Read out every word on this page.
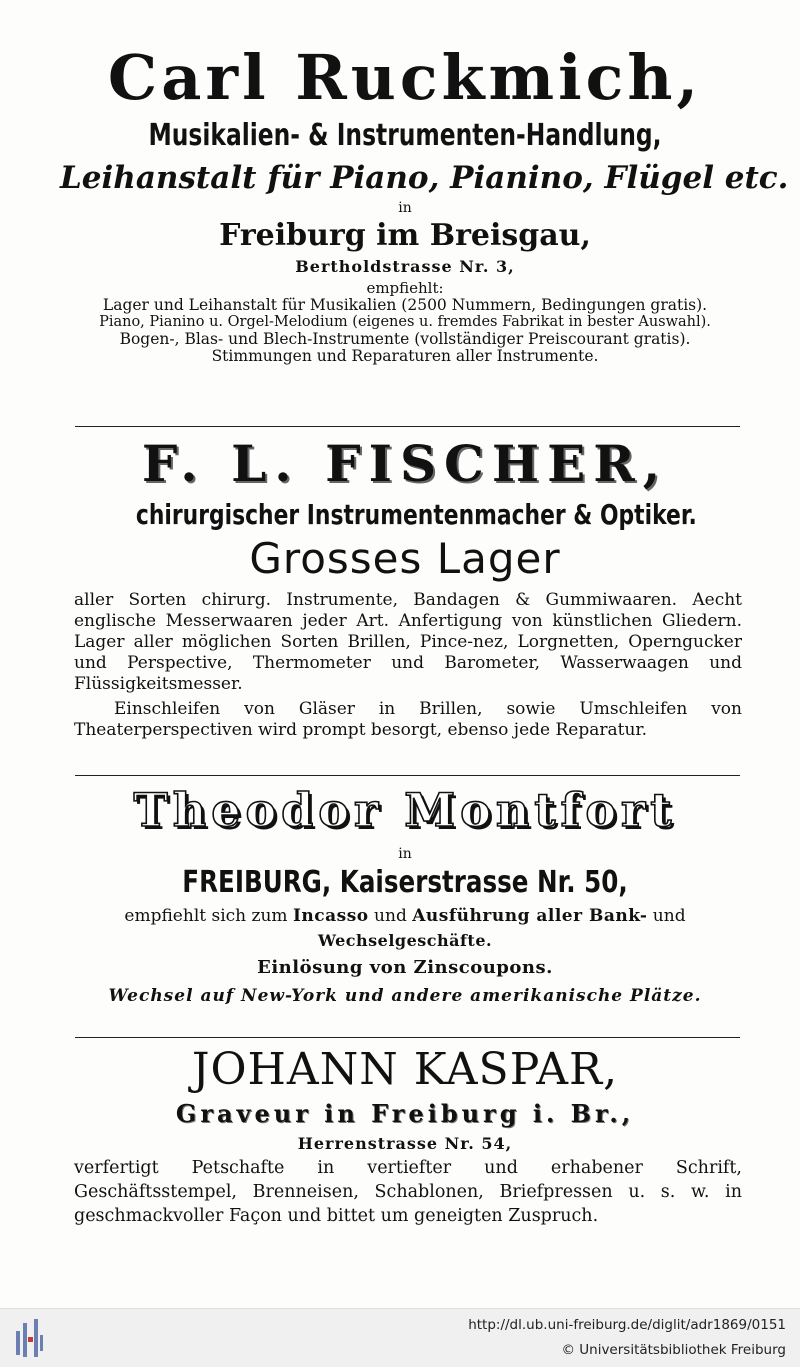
Carl Ruckmich,

Musikalien- & Instrumenten-Handlung,

Leihanstalt für Piano, Pianino, Flügel etc.

in

Freiburg im Breisgau,

Bertholdstrasse Nr. 3,

empfiehlt:

Lager und Leihanstalt für Musikalien (2500 Nummern, Bedingungen gratis).

Piano, Pianino u. Orgel-Melodium (eigenes u. fremdes Fabrikat in bester Auswahl).

Bogen-, Blas- und Blech-Instrumente (vollständiger Preiscourant gratis).

Stimmungen und Reparaturen aller Instrumente.

F. L. FISCHER,

chirurgischer Instrumentenmacher & Optiker.

Grosses Lager

aller Sorten chirurg. Instrumente, Bandagen & Gummiwaaren. Aecht englische Messerwaaren jeder Art. Anfertigung von künstlichen Gliedern. Lager aller möglichen Sorten Brillen, Pince-nez, Lorgnetten, Operngucker und Perspective, Thermometer und Barometer, Wasserwaagen und Flüssigkeitsmesser.

Einschleifen von Gläser in Brillen, sowie Umschleifen von Theaterperspectiven wird prompt besorgt, ebenso jede Reparatur.

Theodor Montfort

in

FREIBURG, Kaiserstrasse Nr. 50,

empfiehlt sich zum Incasso und Ausführung aller Bank- und

Wechselgeschäfte.

Einlösung von Zinscoupons.

Wechsel auf New-York und andere amerikanische Plätze.

JOHANN KASPAR,

Graveur in Freiburg i. Br.,

Herrenstrasse Nr. 54,

verfertigt Petschafte in vertiefter und erhabener Schrift, Geschäftsstempel, Brenneisen, Schablonen, Briefpressen u. s. w. in geschmackvoller Façon und bittet um geneigten Zuspruch.

http://dl.ub.uni-freiburg.de/diglit/adr1869/0151
© Universitätsbibliothek Freiburg
